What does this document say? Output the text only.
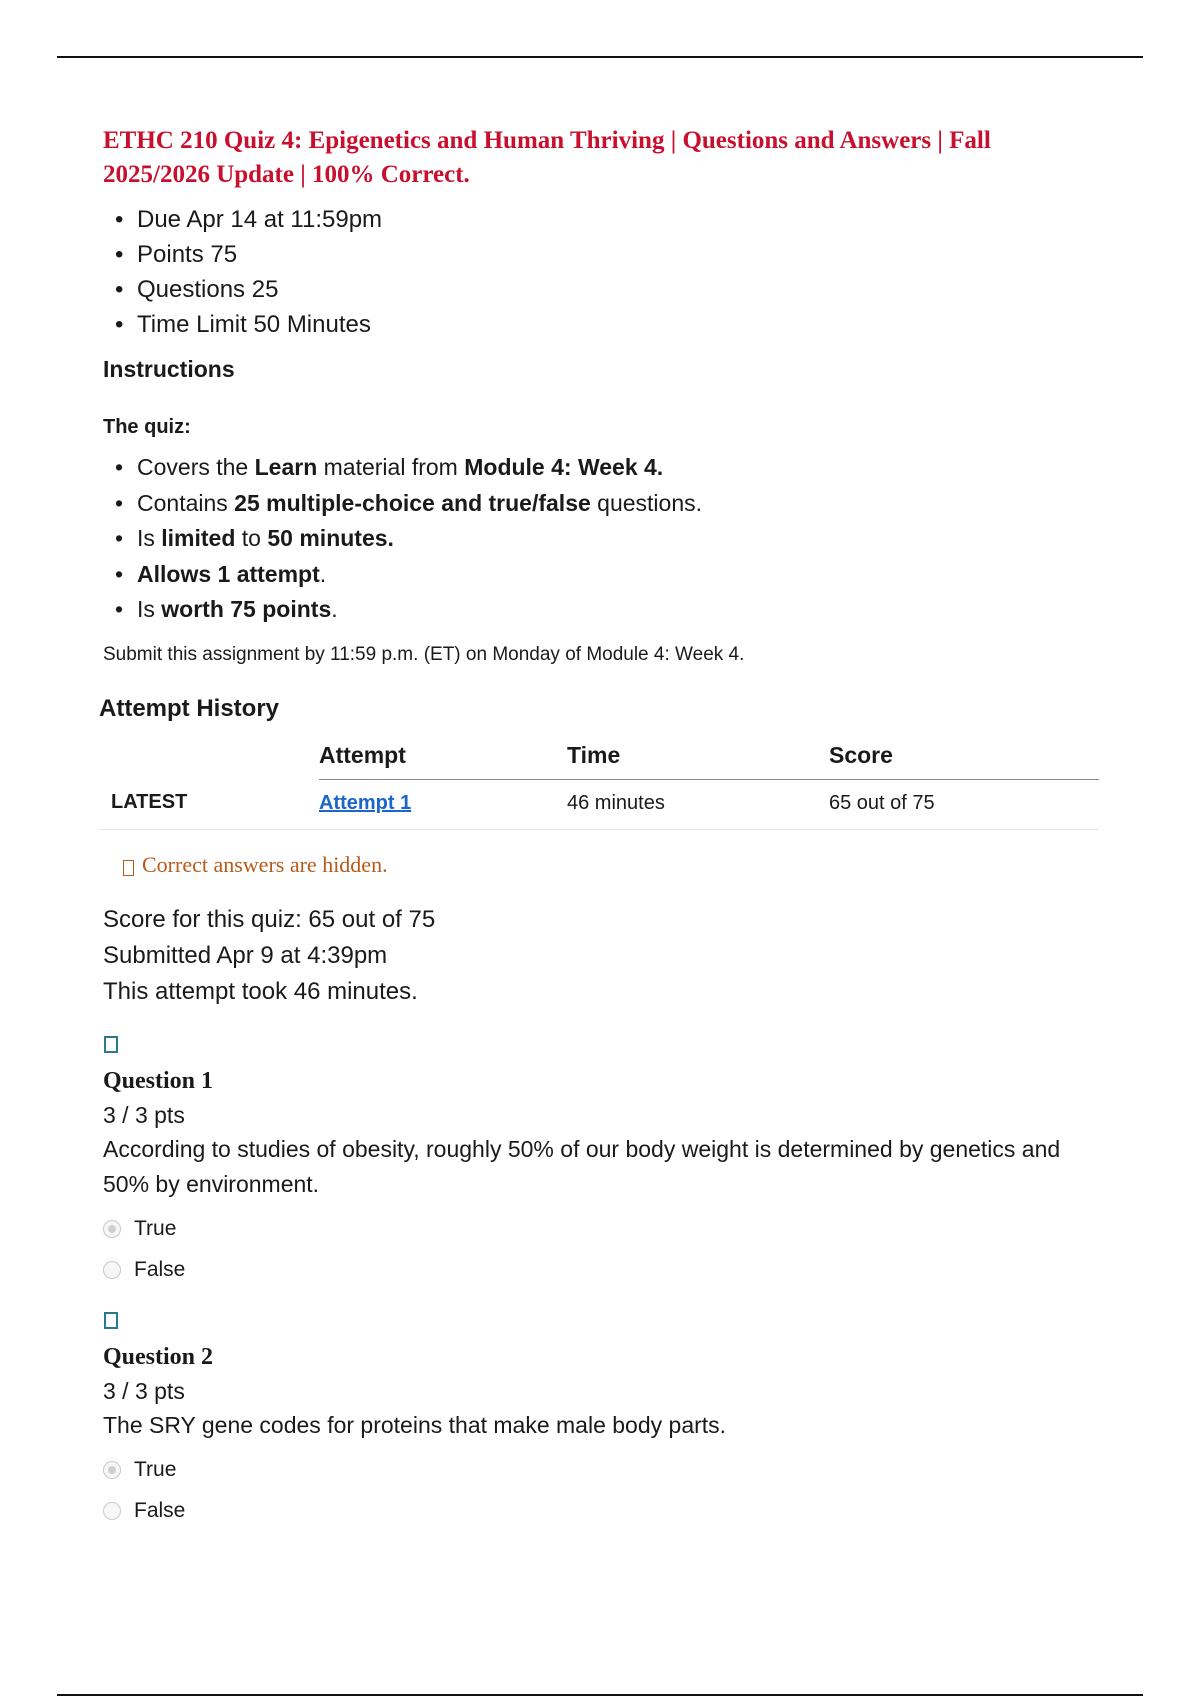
ETHC 210 Quiz 4: Epigenetics and Human Thriving | Questions and Answers | Fall 2025/2026 Update | 100% Correct.
• Due Apr 14 at 11:59pm
• Points 75
• Questions 25
• Time Limit 50 Minutes
Instructions
The quiz:
• Covers the Learn material from Module 4: Week 4.
• Contains 25 multiple-choice and true/false questions.
• Is limited to 50 minutes.
• Allows 1 attempt.
• Is worth 75 points.
Submit this assignment by 11:59 p.m. (ET) on Monday of Module 4: Week 4.
Attempt History
	Attempt	Time	Score
LATEST	Attempt 1	46 minutes	65 out of 75
Correct answers are hidden.
Score for this quiz: 65 out of 75
Submitted Apr 9 at 4:39pm
This attempt took 46 minutes.
Question 1
3 / 3 pts
According to studies of obesity, roughly 50% of our body weight is determined by genetics and 50% by environment.
True
False
Question 2
3 / 3 pts
The SRY gene codes for proteins that make male body parts.
True
False
